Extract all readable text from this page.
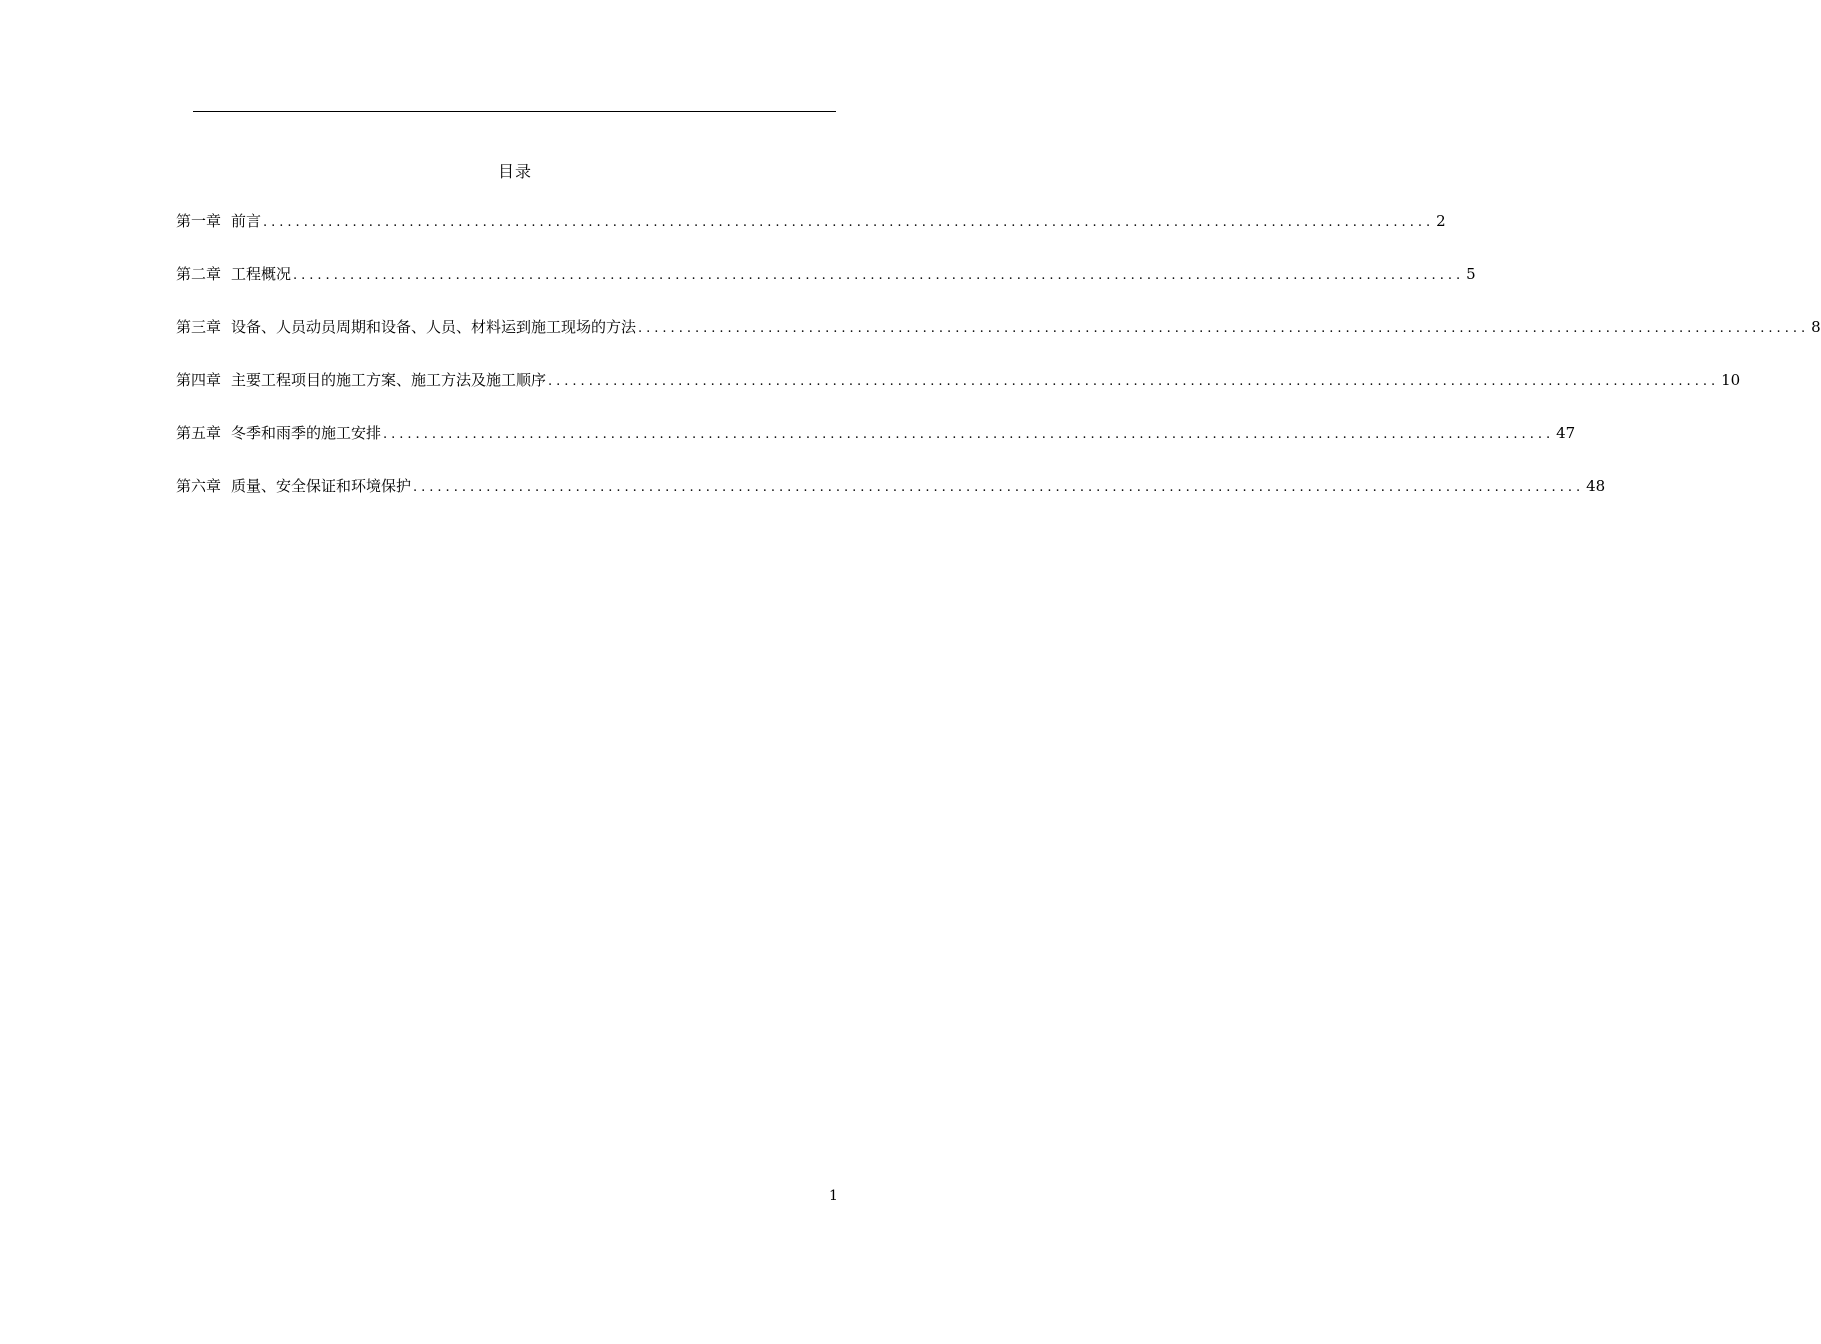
目录
第一章 前言 ................................................................................................................................................ 2
第二章 工程概况 ................................................................................................................................................ 5
第三章 设备、人员动员周期和设备、人员、材料运到施工现场的方法 ................................................................................................................................................ 8
第四章 主要工程项目的施工方案、施工方法及施工顺序 ................................................................................................................................................ 10
第五章 冬季和雨季的施工安排 ................................................................................................................................................ 47
第六章 质量、安全保证和环境保护 ................................................................................................................................................ 48
1
